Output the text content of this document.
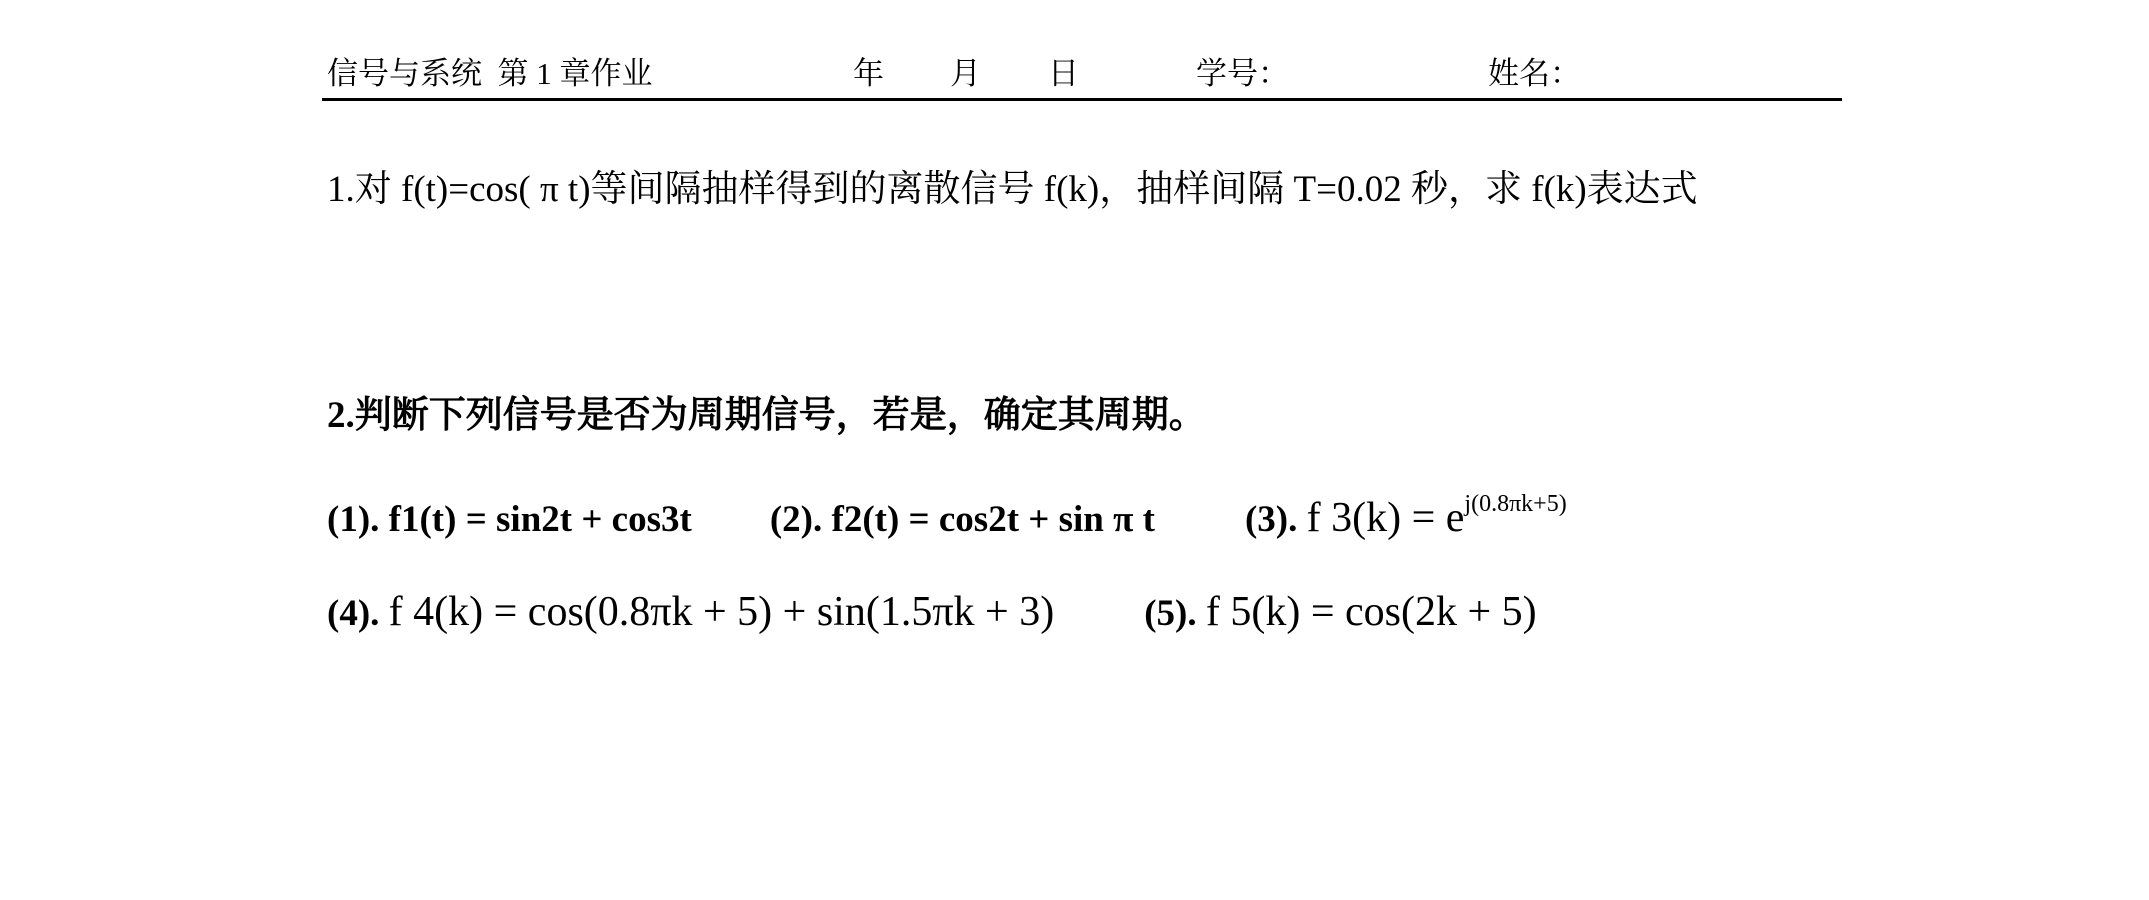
信号与系统  第 1 章作业	年 月 日	学号：	姓名：
1.对 f(t)=cos( π t)等间隔抽样得到的离散信号 f(k)，抽样间隔 T=0.02 秒，求 f(k)表达式
2.判断下列信号是否为周期信号，若是，确定其周期。
(1). f1(t) = sin2t + cos3t (2). f2(t) = cos2t + sin π t (3). f $3(k) = e^{j(0.8\pi k+5)}$
(4). f 4(k) = cos(0.8πk + 5) + sin(1.5πk + 3) (5). f 5(k) = cos(2k + 5)
